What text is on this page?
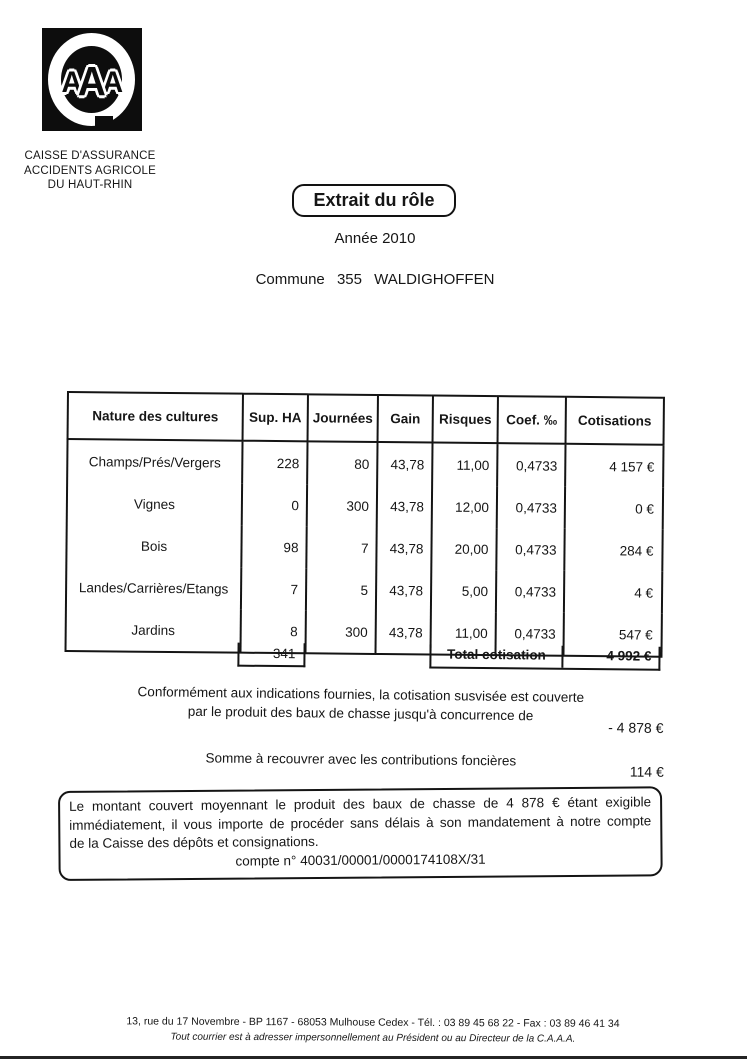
A
A
A
CAISSE D'ASSURANCE
ACCIDENTS AGRICOLE
DU HAUT-RHIN
Extrait du rôle
Année 2010
Commune 355 WALDIGHOFFEN
Nature des cultures	Sup. HA	Journées	Gain	Risques	Coef. ‰	Cotisations
Champs/Prés/Vergers	228	80	43,78	11,00	0,4733	4 157 €
Vignes	0	300	43,78	12,00	0,4733	0 €
Bois	98	7	43,78	20,00	0,4733	284 €
Landes/Carrières/Etangs	7	5	43,78	5,00	0,4733	4 €
Jardins	8	300	43,78	11,00	0,4733	547 €
341	Total cotisation	4 992 €
Conformément aux indications fournies, la cotisation susvisée est couverte
par le produit des baux de chasse jusqu'à concurrence de
- 4 878 €
Somme à recouvrer avec les contributions foncières
114 €
Le montant couvert moyennant le produit des baux de chasse de 4 878 € étant exigible
immédiatement, il vous importe de procéder sans délais à son mandatement à notre compte
de la Caisse des dépôts et consignations.
compte n° 40031/00001/0000174108X/31
13, rue du 17 Novembre - BP 1167 - 68053 Mulhouse Cedex - Tél. : 03 89 45 68 22 - Fax : 03 89 46 41 34
Tout courrier est à adresser impersonnellement au Président ou au Directeur de la C.A.A.A.
